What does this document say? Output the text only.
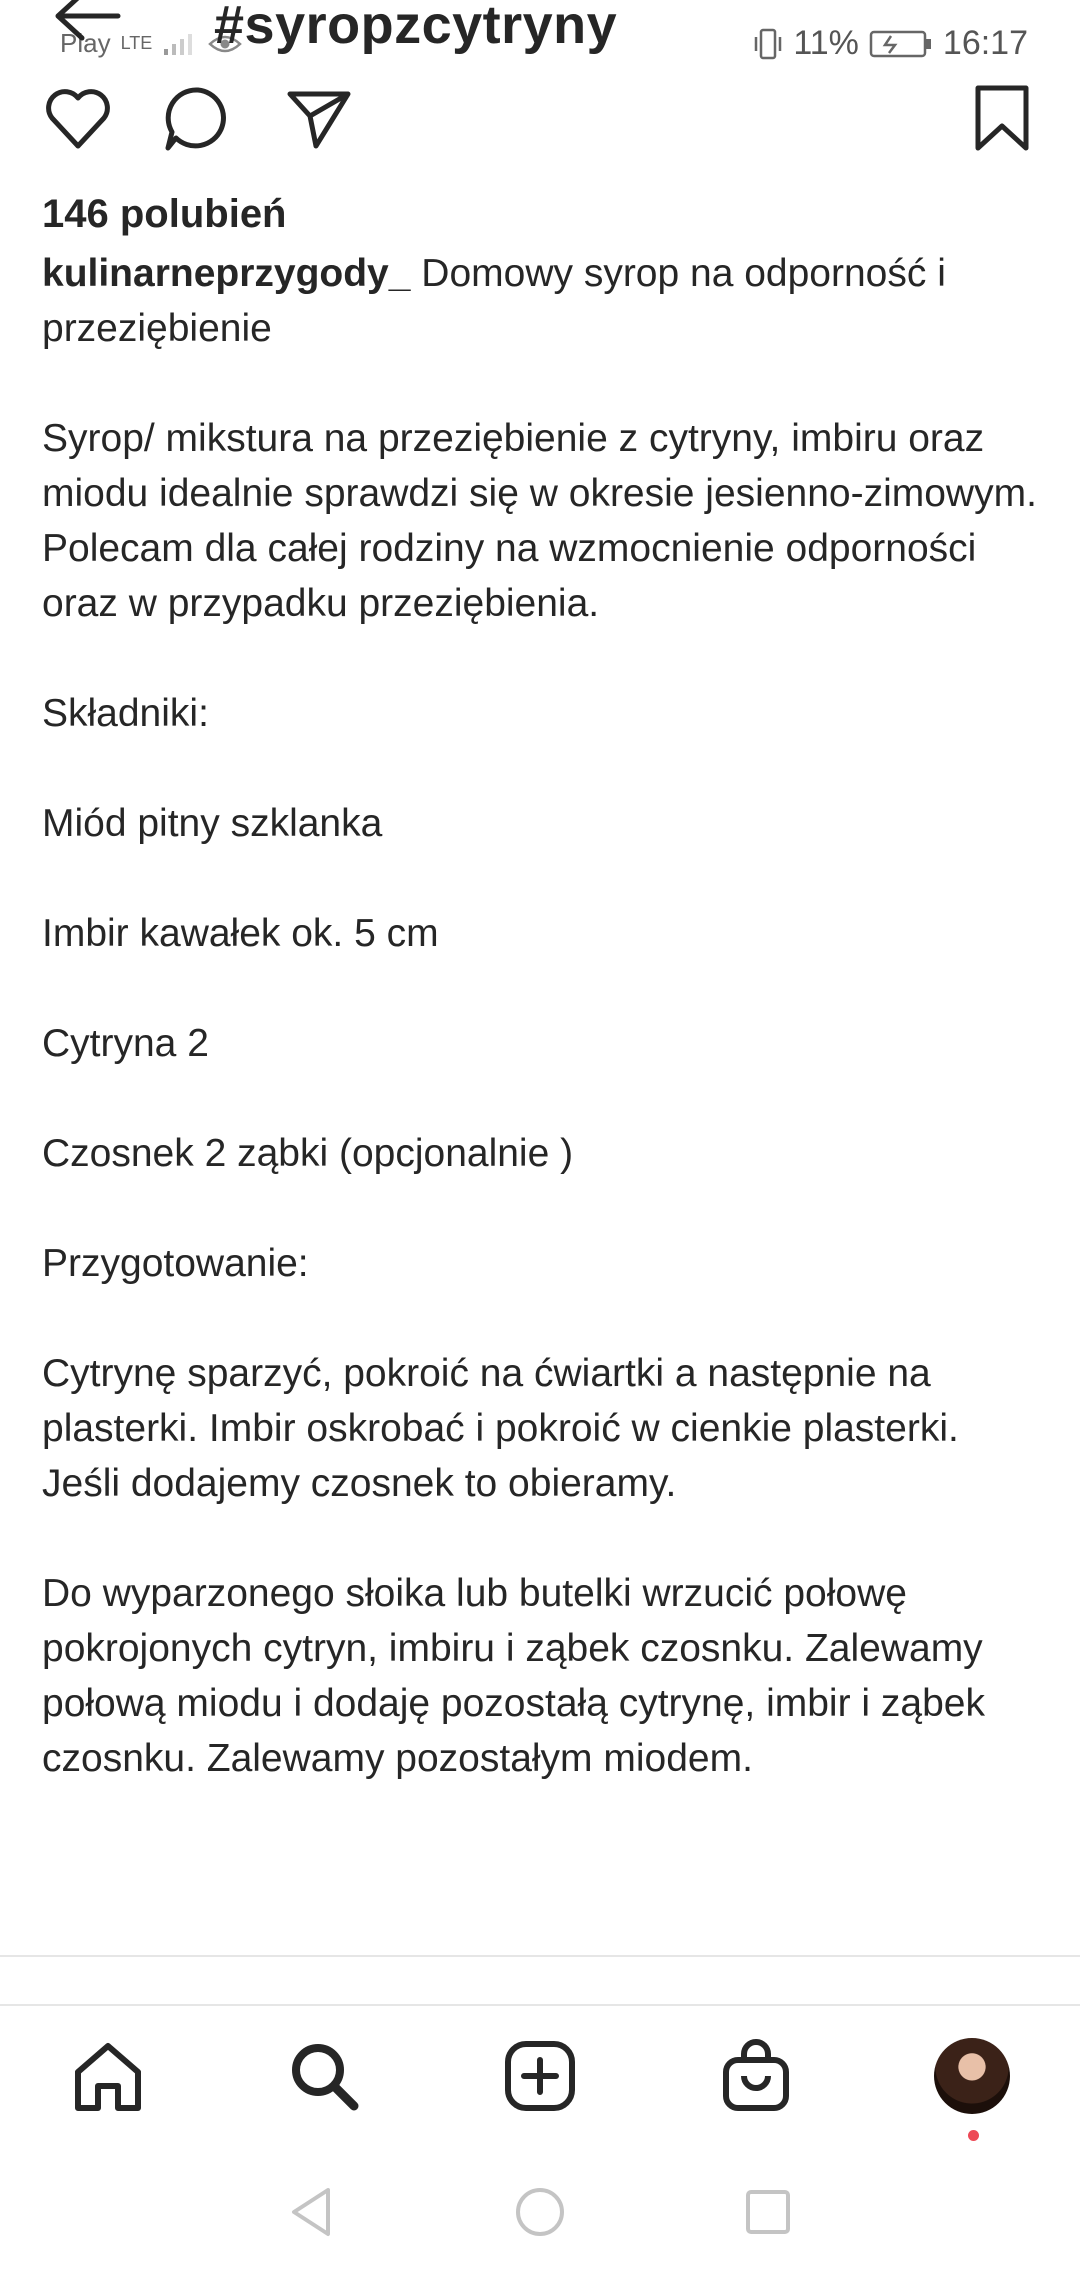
Play LTE	11% 16:17
#syropzcytryny
146 polubień

kulinarneprzygody_ Domowy syrop na odporność i przeziębienie

Syrop/ mikstura na przeziębienie z cytryny, imbiru oraz miodu idealnie sprawdzi się w okresie jesienno-zimowym. Polecam dla całej rodziny na wzmocnienie odporności oraz w przypadku przeziębienia.

Składniki:

Miód pitny szklanka

Imbir kawałek ok. 5 cm

Cytryna 2

Czosnek 2 ząbki (opcjonalnie )

Przygotowanie:

Cytrynę sparzyć, pokroić na ćwiartki a następnie na plasterki. Imbir oskrobać i pokroić w cienkie plasterki. Jeśli dodajemy czosnek to obieramy.

Do wyparzonego słoika lub butelki wrzucić połowę pokrojonych cytryn, imbiru i ząbek czosnku. Zalewamy połową miodu i dodaję pozostałą cytrynę, imbir i ząbek czosnku. Zalewamy pozostałym miodem.
